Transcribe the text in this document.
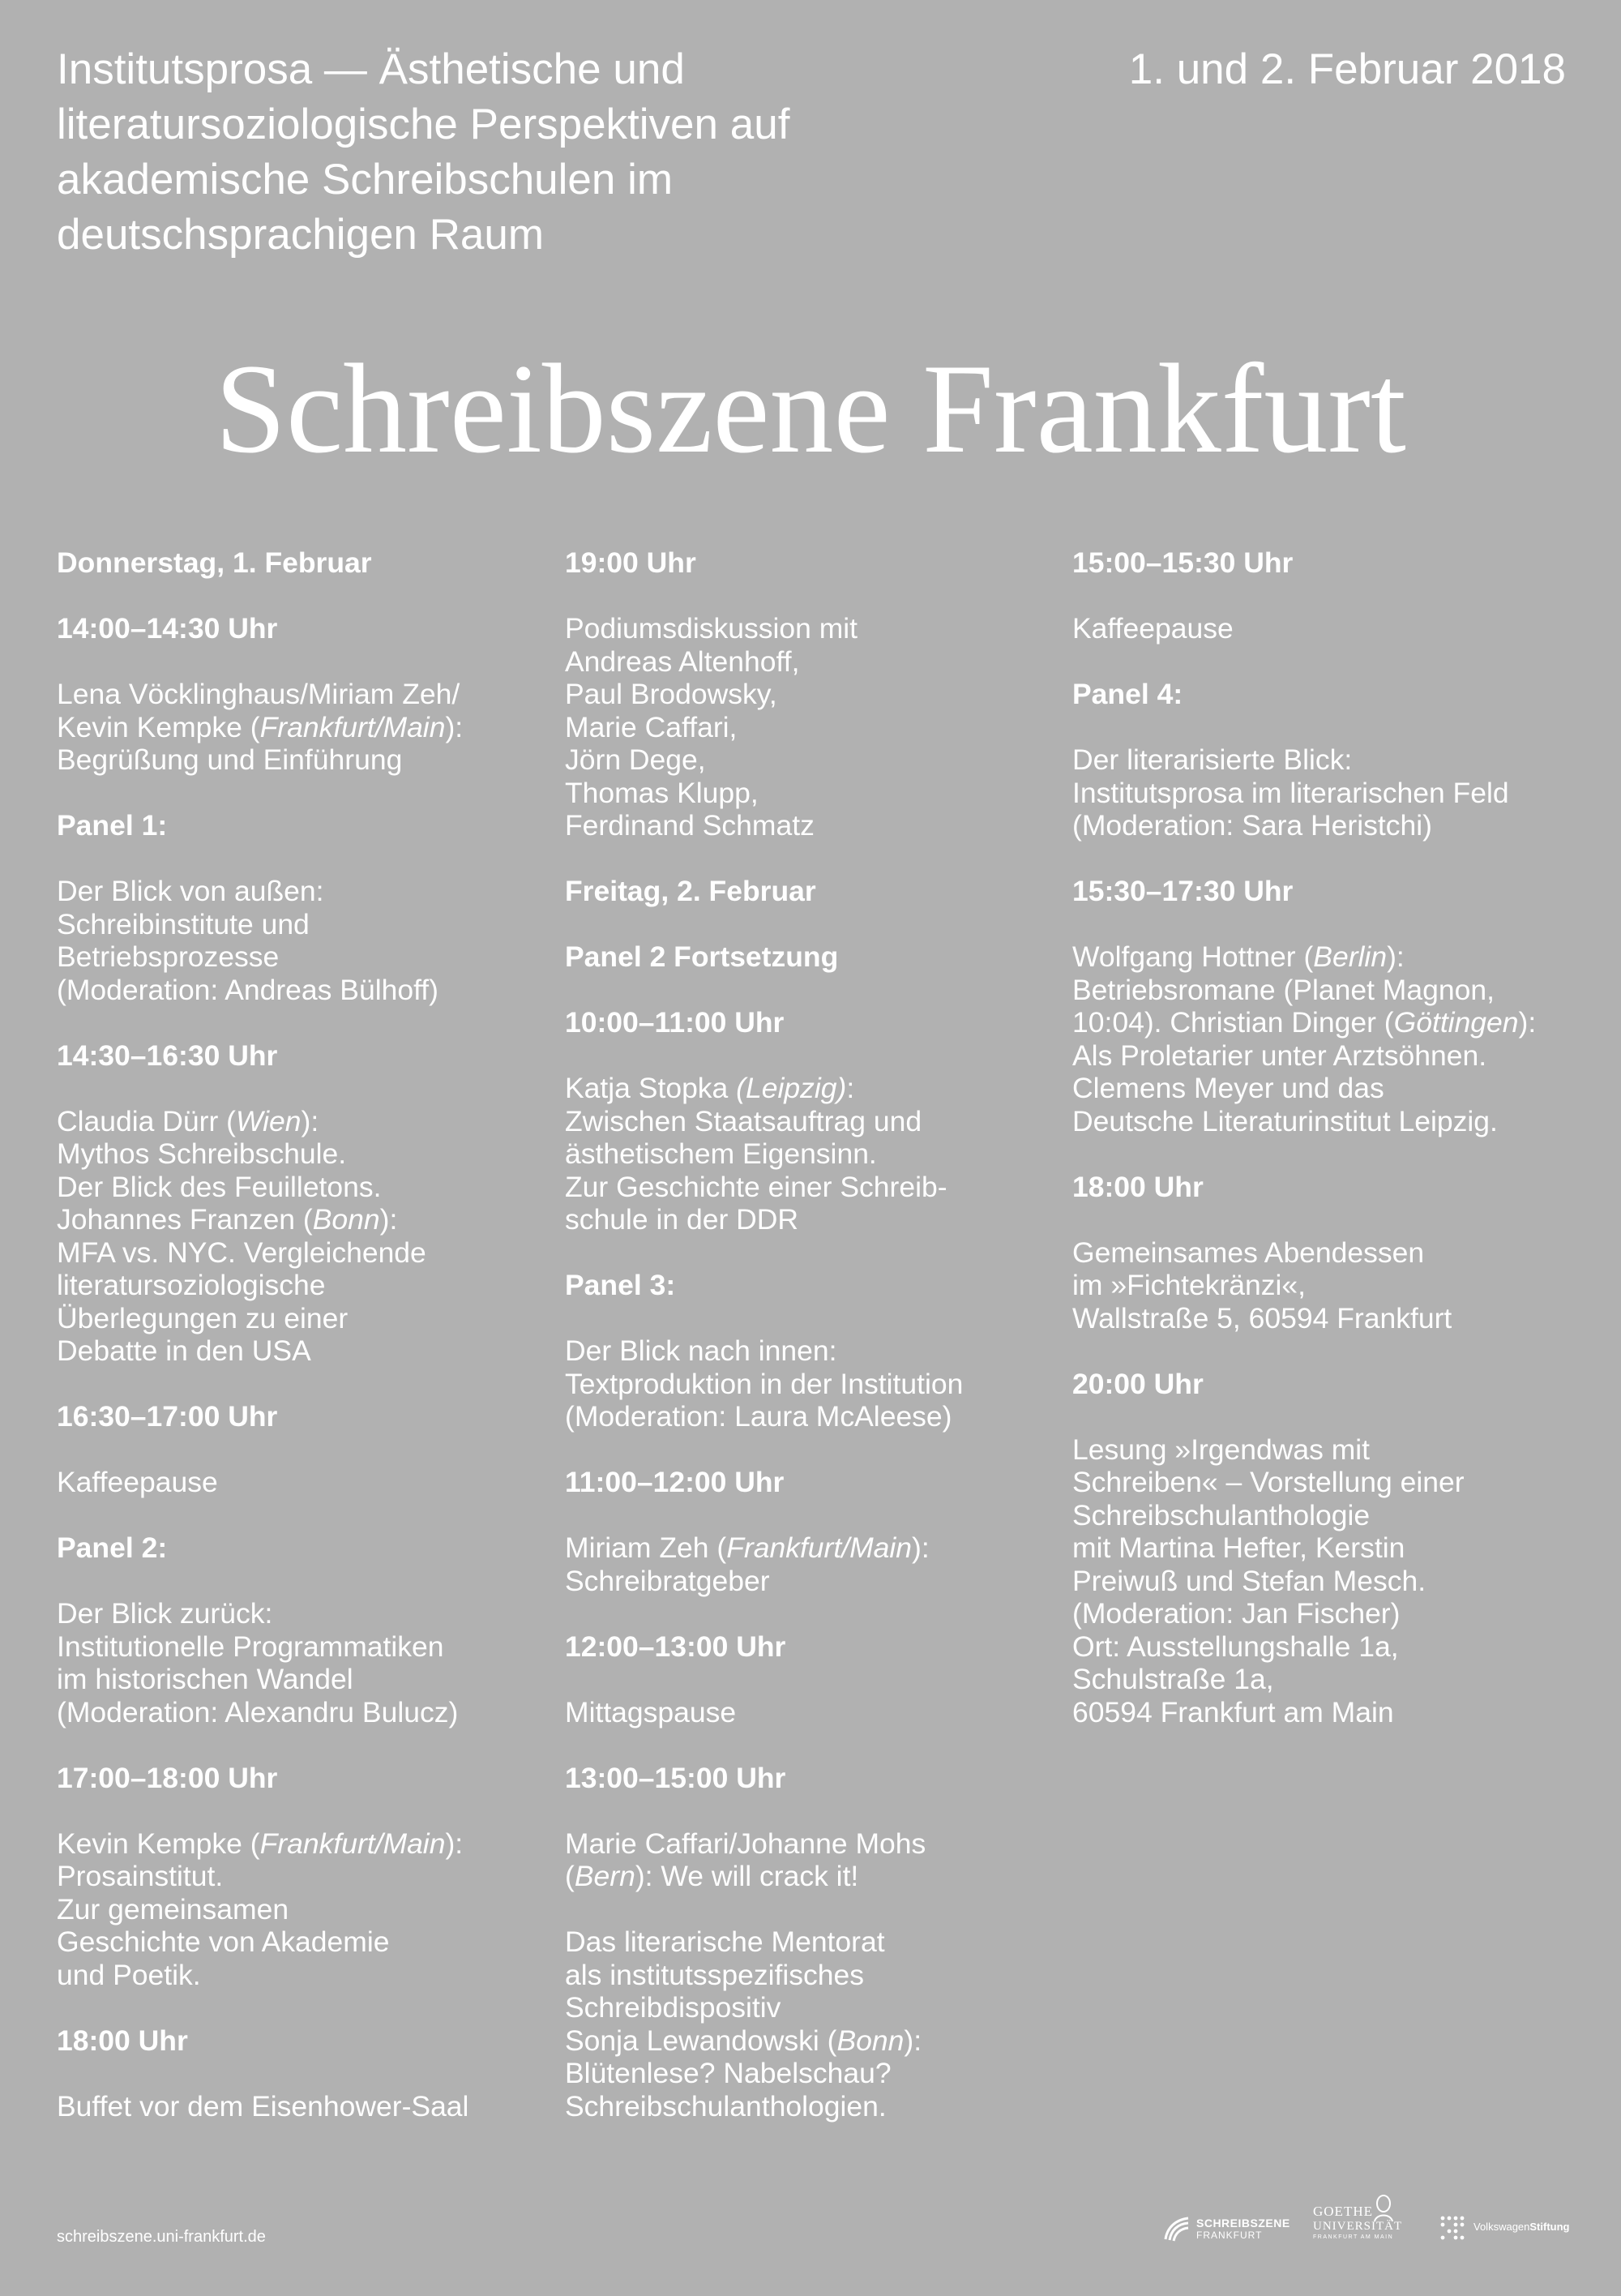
Institutsprosa — Ästhetische und literatursoziologische Perspektiven auf akademische Schreibschulen im deutschsprachigen Raum
1. und 2. Februar 2018
Schreibszene Frankfurt

Donnerstag, 1. Februar

14:00–14:30 Uhr

Lena Vöcklinghaus/Miriam Zeh/
Kevin Kempke (Frankfurt/Main):
Begrüßung und Einführung

Panel 1:

Der Blick von außen:
Schreibinstitute und
Betriebsprozesse
(Moderation: Andreas Bülhoff)

14:30–16:30 Uhr

Claudia Dürr (Wien):
Mythos Schreibschule.
Der Blick des Feuilletons.
Johannes Franzen (Bonn):
MFA vs. NYC. Vergleichende
literatursoziologische
Überlegungen zu einer
Debatte in den USA

16:30–17:00 Uhr

Kaffeepause

Panel 2:

Der Blick zurück:
Institutionelle Programmatiken
im historischen Wandel
(Moderation: Alexandru Bulucz)

17:00–18:00 Uhr

Kevin Kempke (Frankfurt/Main):
Prosainstitut.
Zur gemeinsamen
Geschichte von Akademie
und Poetik.

18:00 Uhr

Buffet vor dem Eisenhower-Saal

19:00 Uhr

Podiumsdiskussion mit
Andreas Altenhoff,
Paul Brodowsky,
Marie Caffari,
Jörn Dege,
Thomas Klupp,
Ferdinand Schmatz

Freitag, 2. Februar

Panel 2 Fortsetzung

10:00–11:00 Uhr

Katja Stopka (Leipzig):
Zwischen Staatsauftrag und
ästhetischem Eigensinn.
Zur Geschichte einer Schreib-
schule in der DDR

Panel 3:

Der Blick nach innen:
Textproduktion in der Institution
(Moderation: Laura McAleese)

11:00–12:00 Uhr

Miriam Zeh (Frankfurt/Main):
Schreibratgeber

12:00–13:00 Uhr

Mittagspause

13:00–15:00 Uhr

Marie Caffari/Johanne Mohs
(Bern): We will crack it!

Das literarische Mentorat
als institutsspezifisches
Schreibdispositiv
Sonja Lewandowski (Bonn):
Blütenlese? Nabelschau?
Schreibschulanthologien.

15:00–15:30 Uhr

Kaffeepause

Panel 4:

Der literarisierte Blick:
Institutsprosa im literarischen Feld
(Moderation: Sara Heristchi)

15:30–17:30 Uhr

Wolfgang Hottner (Berlin):
Betriebsromane (Planet Magnon,
10:04). Christian Dinger (Göttingen):
Als Proletarier unter Arztsöhnen.
Clemens Meyer und das
Deutsche Literaturinstitut Leipzig.

18:00 Uhr

Gemeinsames Abendessen
im »Fichtekränzi«,
Wallstraße 5, 60594 Frankfurt

20:00 Uhr

Lesung »Irgendwas mit
Schreiben« – Vorstellung einer
Schreibschulanthologie
mit Martina Hefter, Kerstin
Preiwuß und Stefan Mesch.
(Moderation: Jan Fischer)
Ort: Ausstellungshalle 1a,
Schulstraße 1a,
60594 Frankfurt am Main

schreibszene.uni-frankfurt.de
SCHREIBSZENE
FRANKFURT
GOETHE
UNIVERSITÄT
FRANKFURT AM MAIN
VolkswagenStiftung
